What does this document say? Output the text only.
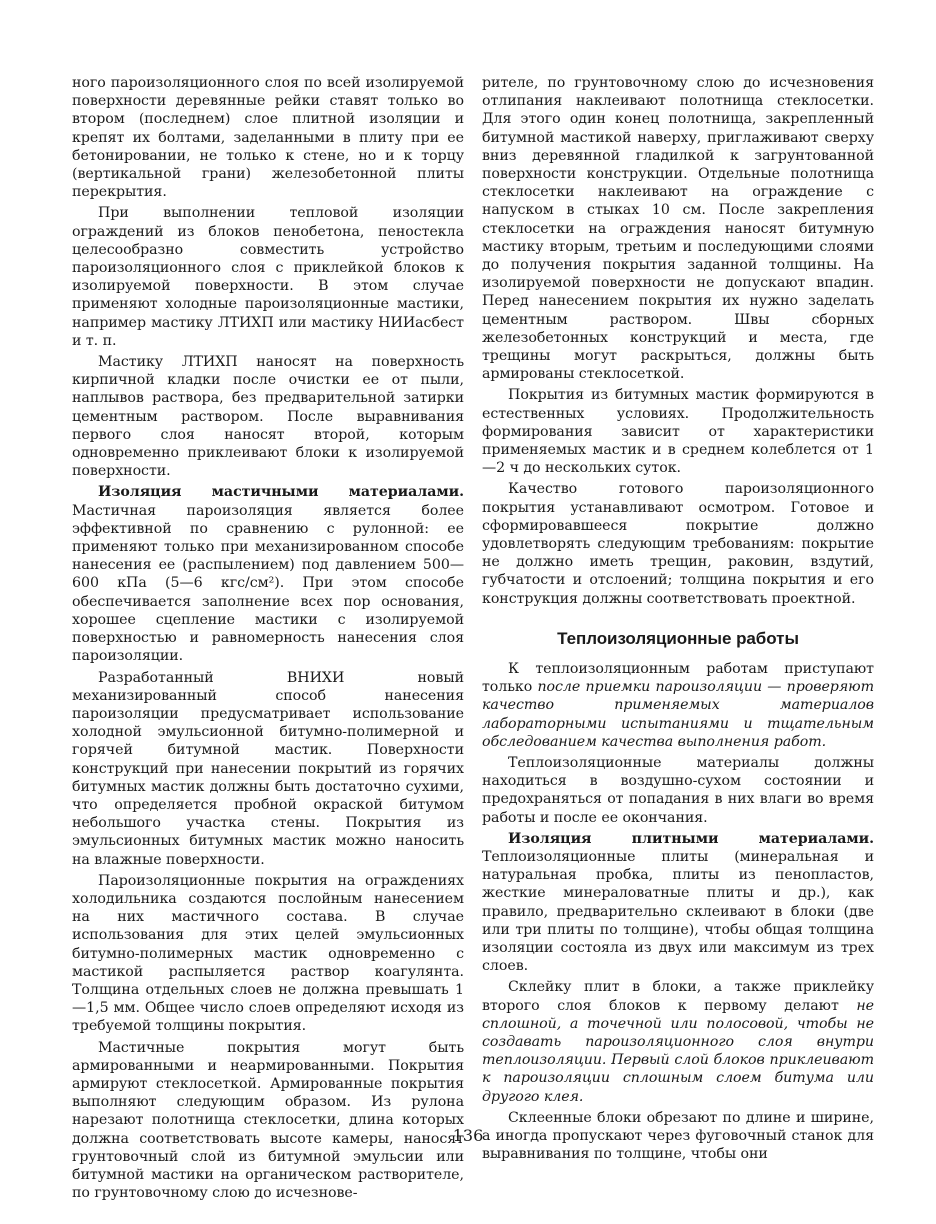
ного пароизоляционного слоя по всей изолируемой поверхности деревянные рейки ставят только во втором (последнем) слое плитной изоляции и крепят их болтами, заделанными в плиту при ее бетонировании, не только к стене, но и к торцу (вертикальной грани) железобетонной плиты перекрытия.

При выполнении тепловой изоляции ограждений из блоков пенобетона, пеностекла целесообразно совместить устройство пароизоляционного слоя с приклейкой блоков к изолируемой поверхности. В этом случае применяют холодные пароизоляционные мастики, например мастику ЛТИХП или мастику НИИасбест и т. п.

Мастику ЛТИХП наносят на поверхность кирпичной кладки после очистки ее от пыли, наплывов раствора, без предварительной затирки цементным раствором. После выравнивания первого слоя наносят второй, которым одновременно приклеивают блоки к изолируемой поверхности.

Изоляция мастичными материалами. Мастичная пароизоляция является более эффективной по сравнению с рулонной: ее применяют только при механизированном способе нанесения ее (распылением) под давлением 500—600 кПа (5—6 кгс/см²). При этом способе обеспечивается заполнение всех пор основания, хорошее сцепление мастики с изолируемой поверхностью и равномерность нанесения слоя пароизоляции.

Разработанный ВНИХИ новый механизированный способ нанесения пароизоляции предусматривает использование холодной эмульсионной битумно-полимерной и горячей битумной мастик. Поверхности конструкций при нанесении покрытий из горячих битумных мастик должны быть достаточно сухими, что определяется пробной окраской битумом небольшого участка стены. Покрытия из эмульсионных битумных мастик можно наносить на влажные поверхности.

Пароизоляционные покрытия на ограждениях холодильника создаются послойным нанесением на них мастичного состава. В случае использования для этих целей эмульсионных битумно-полимерных мастик одновременно с мастикой распыляется раствор коагулянта. Толщина отдельных слоев не должна превышать 1—1,5 мм. Общее число слоев определяют исходя из требуемой толщины покрытия.

Мастичные покрытия могут быть армированными и неармированными. Покрытия армируют стеклосеткой. Армированные покрытия выполняют следующим образом. Из рулона нарезают полотнища стеклосетки, длина которых должна соответствовать высоте камеры, наносят грунтовочный слой из битумной эмульсии или битумной мастики на органическом растворителе, по грунтовочному слою до исчезнове-

рителе, по грунтовочному слою до исчезновения отлипания наклеивают полотнища стеклосетки. Для этого один конец полотнища, закрепленный битумной мастикой наверху, приглаживают сверху вниз деревянной гладилкой к загрунтованной поверхности конструкции. Отдельные полотнища стеклосетки наклеивают на ограждение с напуском в стыках 10 см. После закрепления стеклосетки на ограждения наносят битумную мастику вторым, третьим и последующими слоями до получения покрытия заданной толщины. На изолируемой поверхности не допускают впадин. Перед нанесением покрытия их нужно заделать цементным раствором. Швы сборных железобетонных конструкций и места, где трещины могут раскрыться, должны быть армированы стеклосеткой.

Покрытия из битумных мастик формируются в естественных условиях. Продолжительность формирования зависит от характеристики применяемых мастик и в среднем колеблется от 1—2 ч до нескольких суток.

Качество готового пароизоляционного покрытия устанавливают осмотром. Готовое и сформировавшееся покрытие должно удовлетворять следующим требованиям: покрытие не должно иметь трещин, раковин, вздутий, губчатости и отслоений; толщина покрытия и его конструкция должны соответствовать проектной.

Теплоизоляционные работы

К теплоизоляционным работам приступают только после приемки пароизоляции — проверяют качество применяемых материалов лабораторными испытаниями и тщательным обследованием качества выполнения работ.

Теплоизоляционные материалы должны находиться в воздушно-сухом состоянии и предохраняться от попадания в них влаги во время работы и после ее окончания.

Изоляция плитными материалами. Теплоизоляционные плиты (минеральная и натуральная пробка, плиты из пенопластов, жесткие минераловатные плиты и др.), как правило, предварительно склеивают в блоки (две или три плиты по толщине), чтобы общая толщина изоляции состояла из двух или максимум из трех слоев.

Склейку плит в блоки, а также приклейку второго слоя блоков к первому делают не сплошной, а точечной или полосовой, чтобы не создавать пароизоляционного слоя внутри теплоизоляции. Первый слой блоков приклеивают к пароизоляции сплошным слоем битума или другого клея.

Склеенные блоки обрезают по длине и ширине, а иногда пропускают через фуговочный станок для выравнивания по толщине, чтобы они

136
